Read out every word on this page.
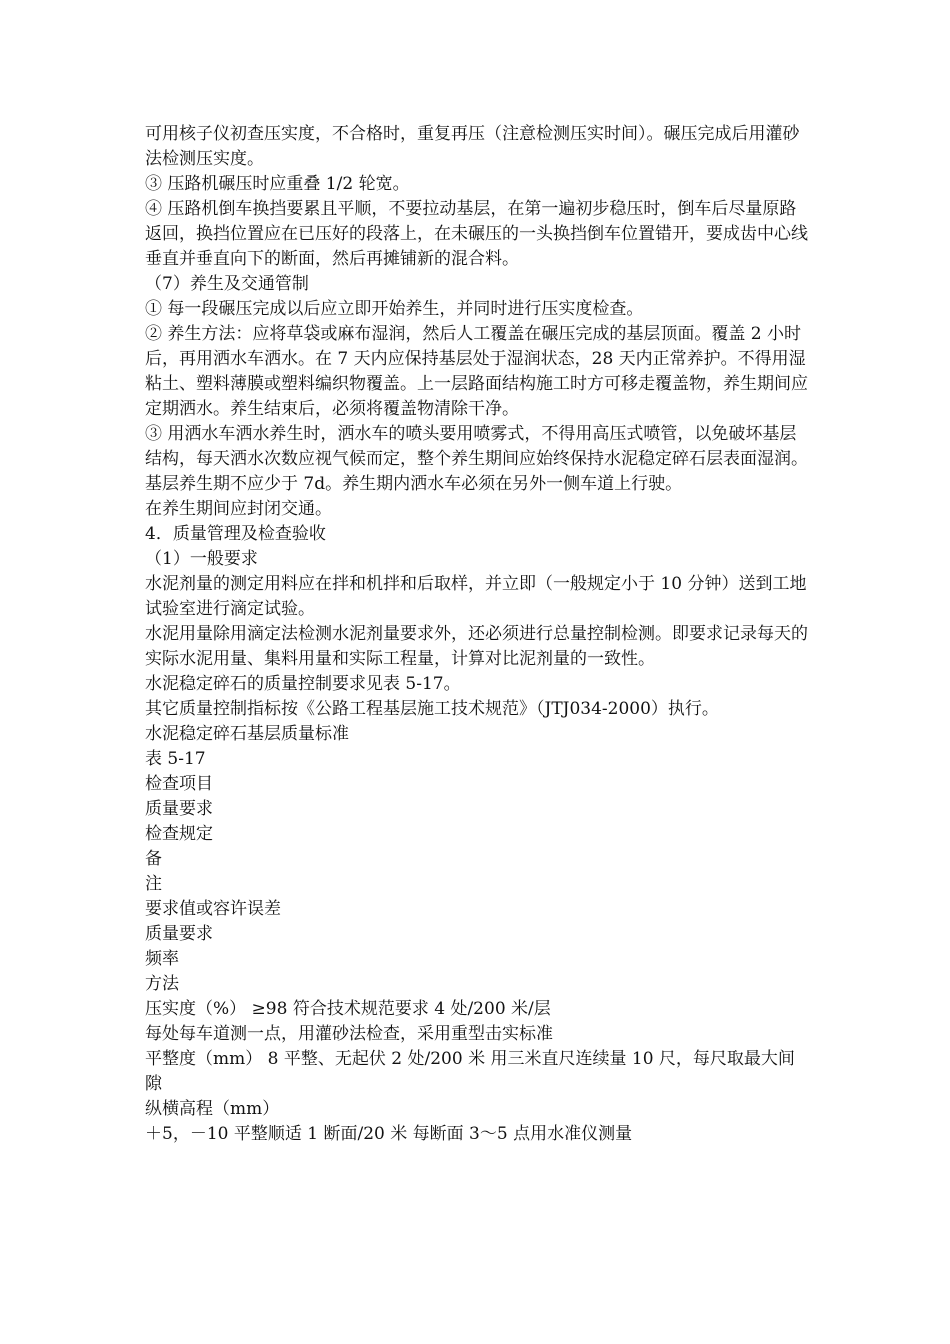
可用核子仪初查压实度，不合格时，重复再压（注意检测压实时间）。碾压完成后用灌砂法检测压实度。

③ 压路机碾压时应重叠 1/2 轮宽。

④ 压路机倒车换挡要累且平顺，不要拉动基层，在第一遍初步稳压时，倒车后尽量原路返回，换挡位置应在已压好的段落上，在未碾压的一头换挡倒车位置错开，要成齿中心线垂直并垂直向下的断面，然后再摊铺新的混合料。

（7）养生及交通管制

① 每一段碾压完成以后应立即开始养生，并同时进行压实度检查。

② 养生方法：应将草袋或麻布湿润，然后人工覆盖在碾压完成的基层顶面。覆盖 2 小时后，再用洒水车洒水。在 7 天内应保持基层处于湿润状态，28 天内正常养护。不得用湿粘土、塑料薄膜或塑料编织物覆盖。上一层路面结构施工时方可移走覆盖物，养生期间应定期洒水。养生结束后，必须将覆盖物清除干净。

③ 用洒水车洒水养生时，洒水车的喷头要用喷雾式，不得用高压式喷管，以免破坏基层结构，每天洒水次数应视气候而定，整个养生期间应始终保持水泥稳定碎石层表面湿润。

基层养生期不应少于 7d。养生期内洒水车必须在另外一侧车道上行驶。

在养生期间应封闭交通。

4．质量管理及检查验收

（1）一般要求

水泥剂量的测定用料应在拌和机拌和后取样，并立即（一般规定小于 10 分钟）送到工地试验室进行滴定试验。

水泥用量除用滴定法检测水泥剂量要求外，还必须进行总量控制检测。即要求记录每天的实际水泥用量、集料用量和实际工程量，计算对比泥剂量的一致性。

水泥稳定碎石的质量控制要求见表 5-17。

其它质量控制指标按《公路工程基层施工技术规范》（JTJ034-2000）执行。

水泥稳定碎石基层质量标准

表 5-17

检查项目

质量要求

检查规定

备

注

要求值或容许误差

质量要求

频率

方法

压实度（%） ≥98 符合技术规范要求 4 处/200 米/层

每处每车道测一点，用灌砂法检查，采用重型击实标准

平整度（mm） 8 平整、无起伏 2 处/200 米 用三米直尺连续量 10 尺，每尺取最大间隙

纵横高程（mm）

＋5，－10 平整顺适 1 断面/20 米 每断面 3～5 点用水准仪测量
